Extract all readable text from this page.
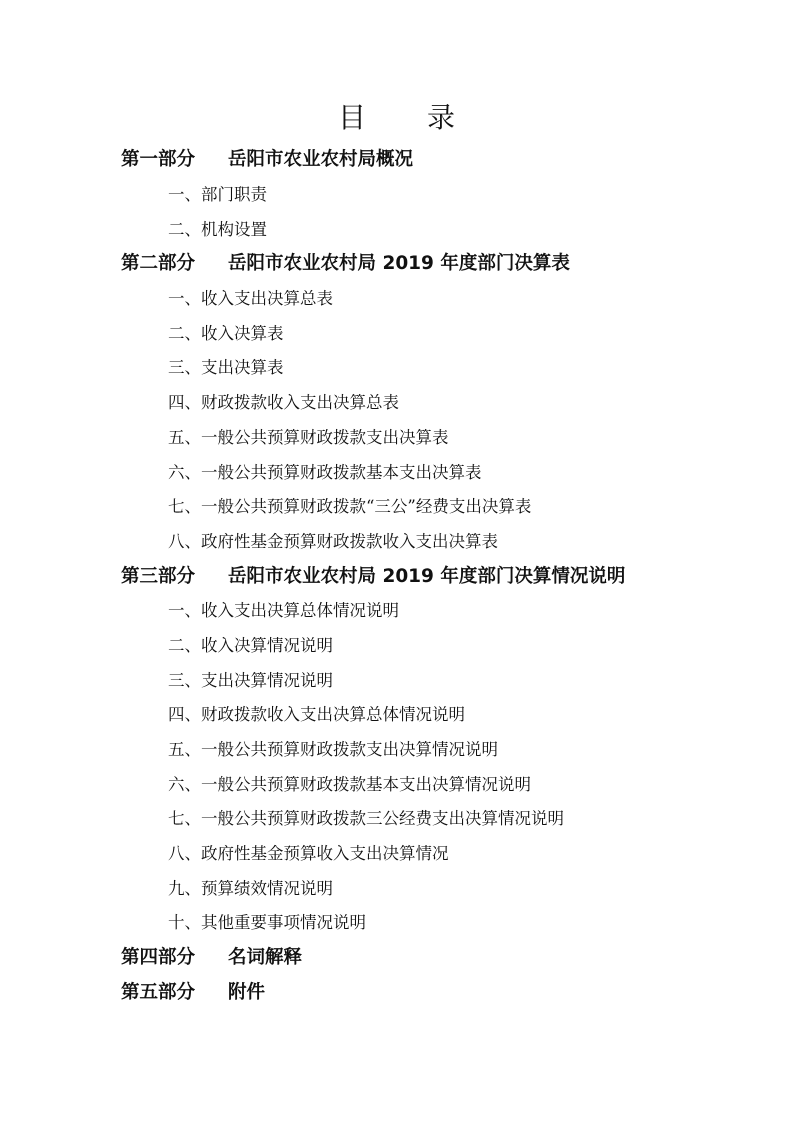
目 录
第一部分	岳阳市农业农村局概况
一、部门职责
二、机构设置
第二部分	岳阳市农业农村局 2019 年度部门决算表
一、收入支出决算总表
二、收入决算表
三、支出决算表
四、财政拨款收入支出决算总表
五、一般公共预算财政拨款支出决算表
六、一般公共预算财政拨款基本支出决算表
七、一般公共预算财政拨款“三公”经费支出决算表
八、政府性基金预算财政拨款收入支出决算表
第三部分	岳阳市农业农村局 2019 年度部门决算情况说明
一、收入支出决算总体情况说明
二、收入决算情况说明
三、支出决算情况说明
四、财政拨款收入支出决算总体情况说明
五、一般公共预算财政拨款支出决算情况说明
六、一般公共预算财政拨款基本支出决算情况说明
七、一般公共预算财政拨款三公经费支出决算情况说明
八、政府性基金预算收入支出决算情况
九、预算绩效情况说明
十、其他重要事项情况说明
第四部分	名词解释
第五部分	附件
